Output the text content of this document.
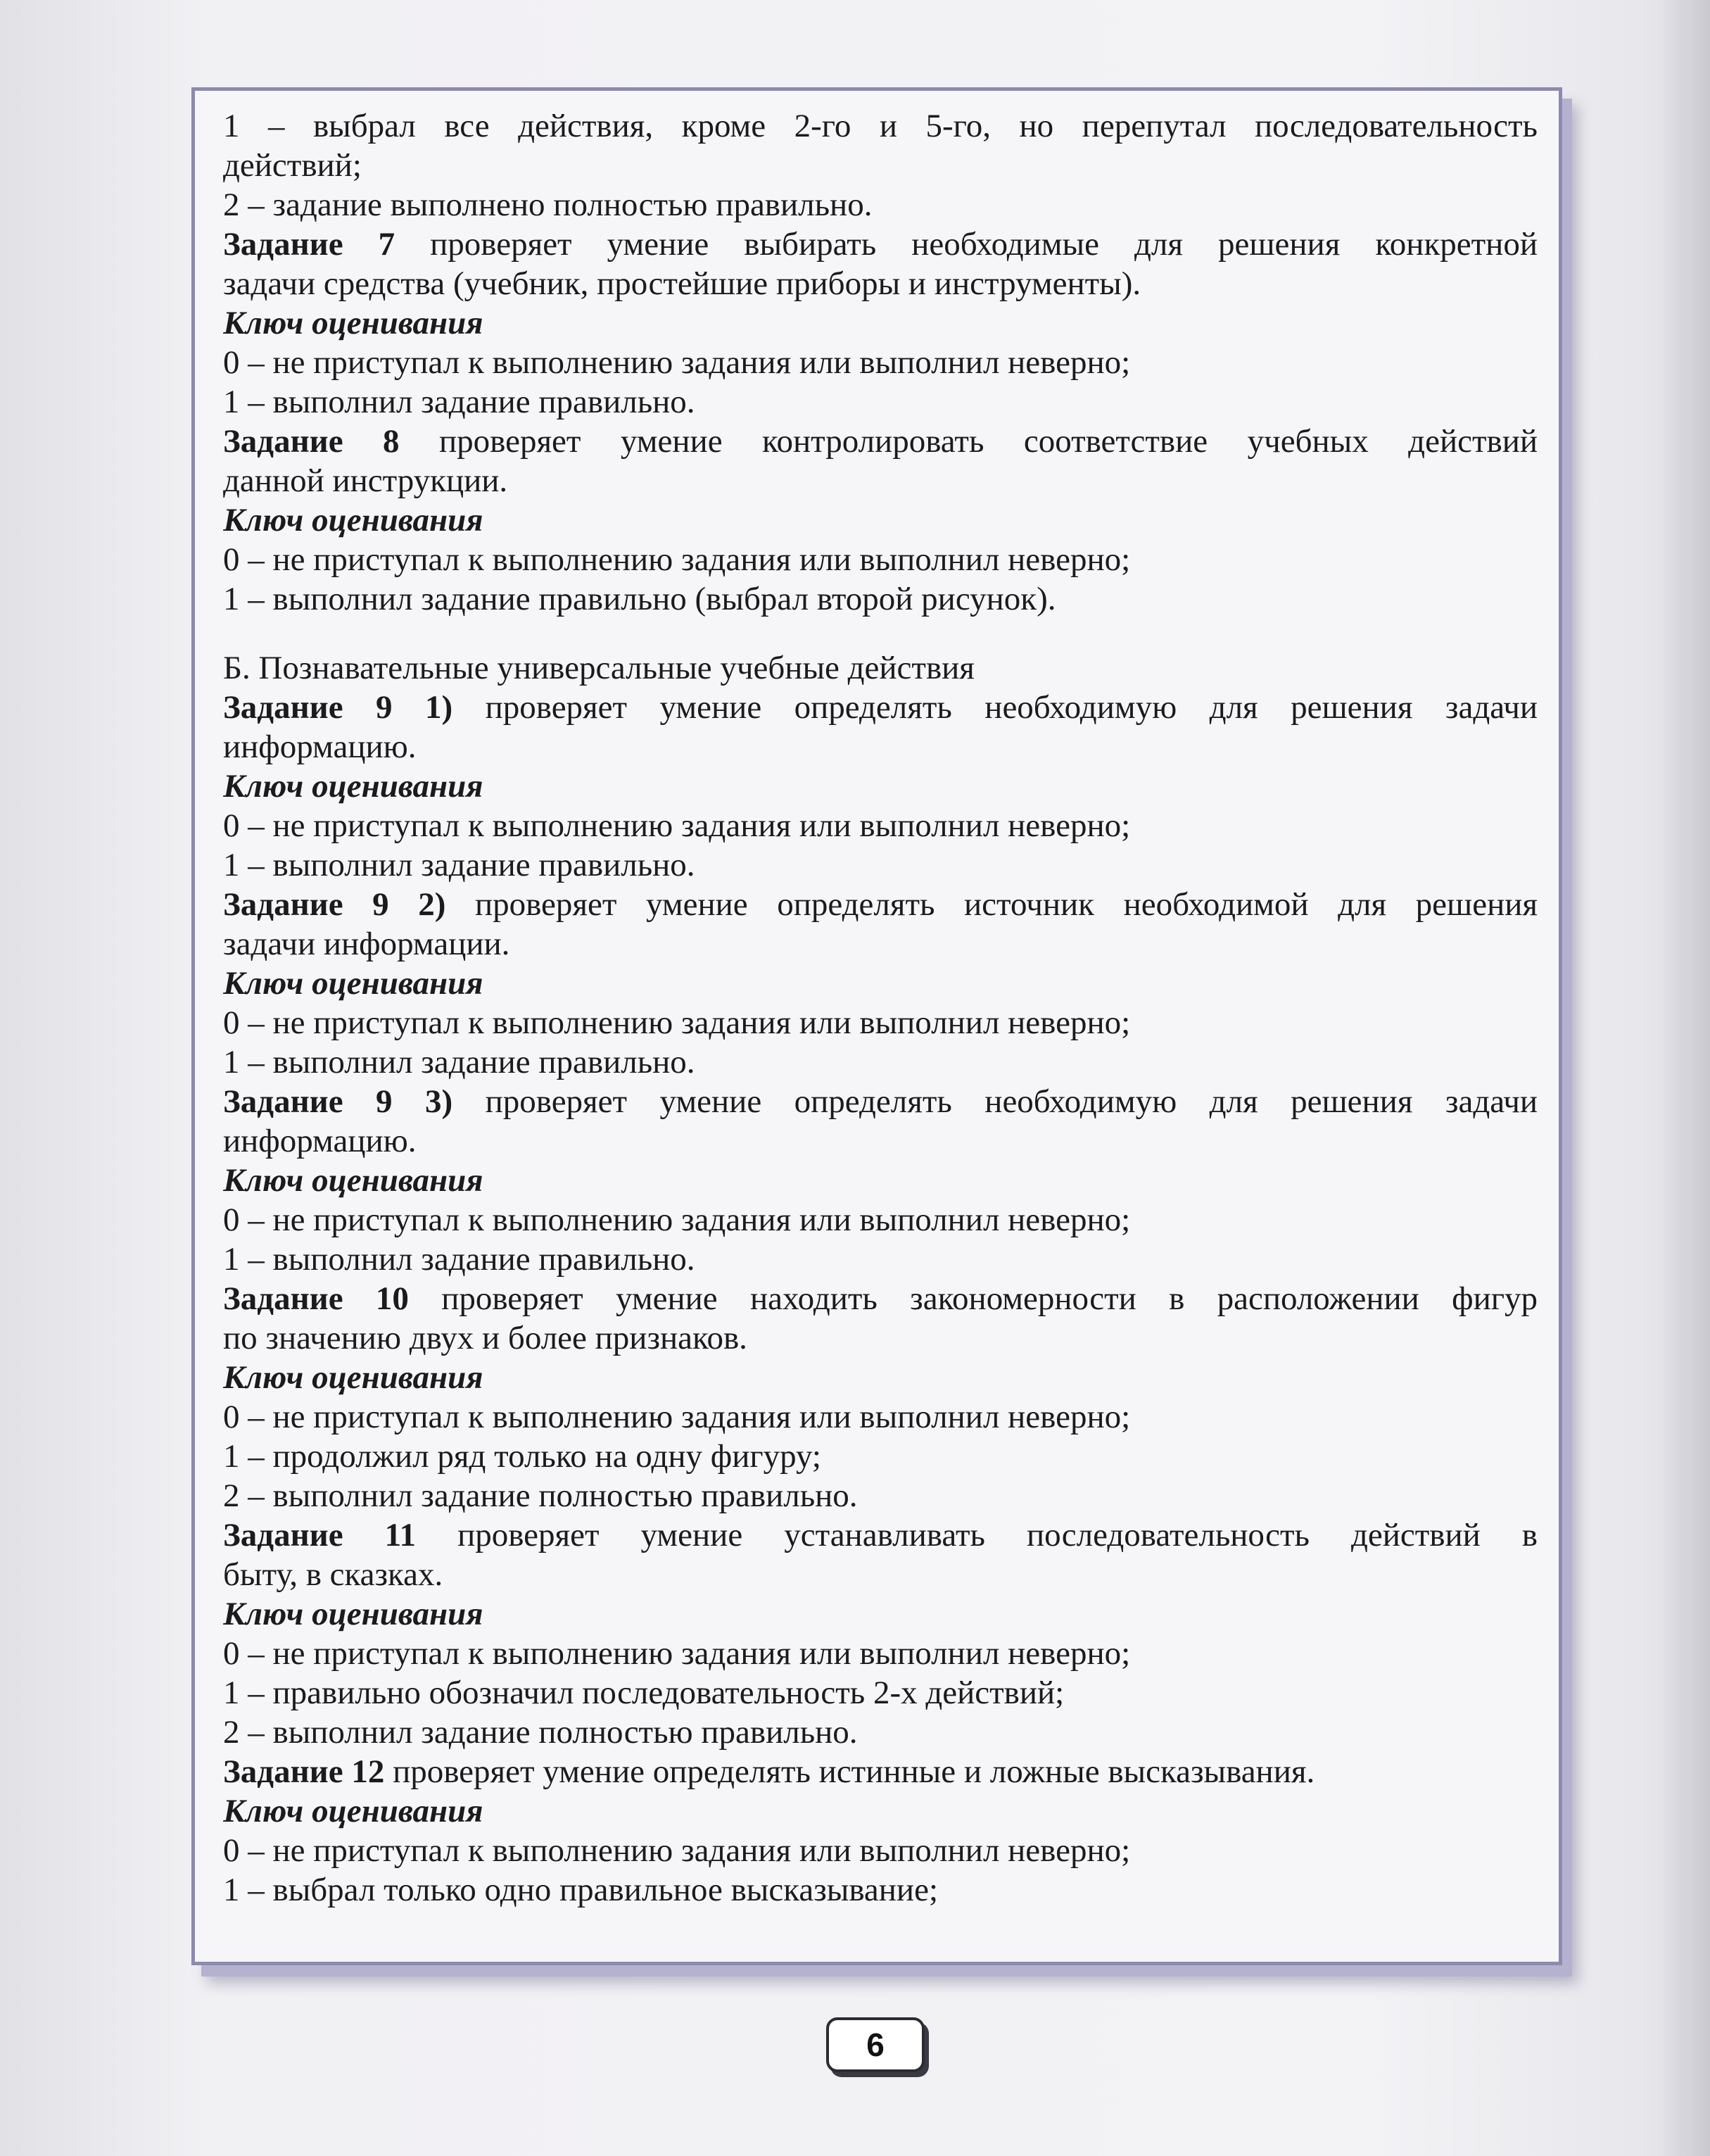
1 – выбрал все действия, кроме 2-го и 5-го, но перепутал последовательность
действий;
2 – задание выполнено полностью правильно.
Задание 7 проверяет умение выбирать необходимые для решения конкретной
задачи средства (учебник, простейшие приборы и инструменты).
Ключ оценивания
0 – не приступал к выполнению задания или выполнил неверно;
1 – выполнил задание правильно.
Задание 8 проверяет умение контролировать соответствие учебных действий
данной инструкции.
Ключ оценивания
0 – не приступал к выполнению задания или выполнил неверно;
1 – выполнил задание правильно (выбрал второй рисунок).
Б. Познавательные универсальные учебные действия
Задание 9 1) проверяет умение определять необходимую для решения задачи
информацию.
Ключ оценивания
0 – не приступал к выполнению задания или выполнил неверно;
1 – выполнил задание правильно.
Задание 9 2) проверяет умение определять источник необходимой для решения
задачи информации.
Ключ оценивания
0 – не приступал к выполнению задания или выполнил неверно;
1 – выполнил задание правильно.
Задание 9 3) проверяет умение определять необходимую для решения задачи
информацию.
Ключ оценивания
0 – не приступал к выполнению задания или выполнил неверно;
1 – выполнил задание правильно.
Задание 10 проверяет умение находить закономерности в расположении фигур
по значению двух и более признаков.
Ключ оценивания
0 – не приступал к выполнению задания или выполнил неверно;
1 – продолжил ряд только на одну фигуру;
2 – выполнил задание полностью правильно.
Задание 11 проверяет умение устанавливать последовательность действий в
быту, в сказках.
Ключ оценивания
0 – не приступал к выполнению задания или выполнил неверно;
1 – правильно обозначил последовательность 2-х действий;
2 – выполнил задание полностью правильно.
Задание 12 проверяет умение определять истинные и ложные высказывания.
Ключ оценивания
0 – не приступал к выполнению задания или выполнил неверно;
1 – выбрал только одно правильное высказывание;
6
